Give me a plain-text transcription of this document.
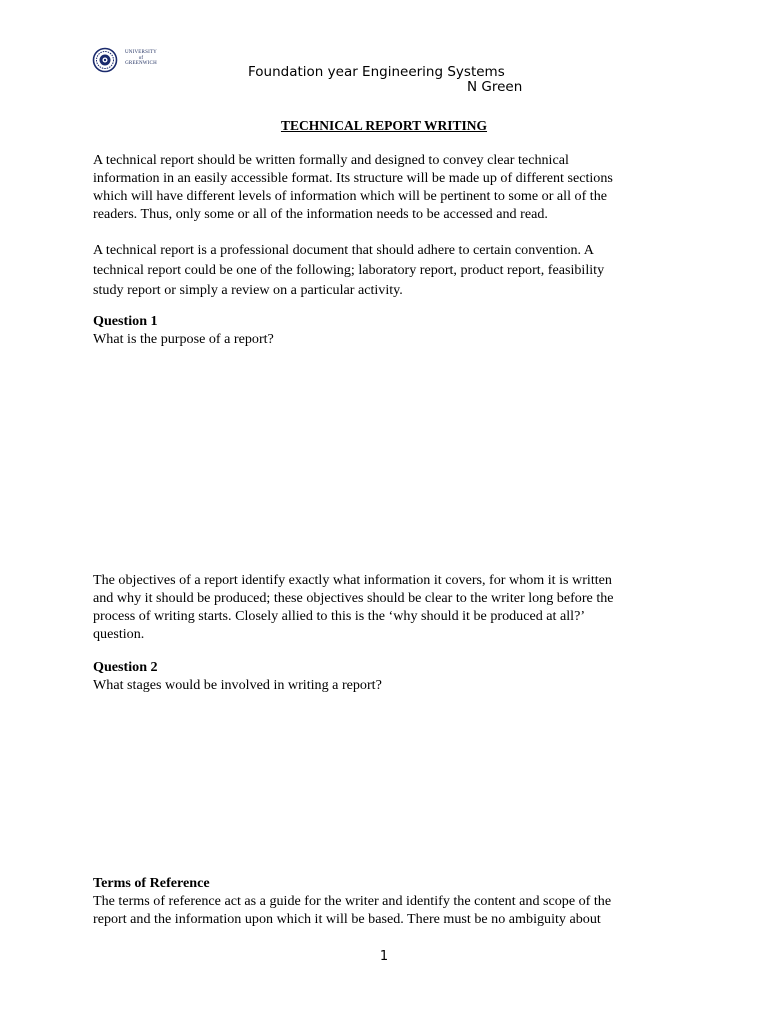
UNIVERSITY
of
GREENWICH
Foundation year Engineering Systems
N Green
TECHNICAL REPORT WRITING
A technical report should be written formally and designed to convey clear technical
information in an easily accessible format. Its structure will be made up of different sections
which will have different levels of information which will be pertinent to some or all of the
readers. Thus, only some or all of the information needs to be accessed and read.
A technical report is a professional document that should adhere to certain convention. A
technical report could be one of the following; laboratory report, product report, feasibility
study report or simply a review on a particular activity.
Question 1
What is the purpose of a report?
The objectives of a report identify exactly what information it covers, for whom it is written
and why it should be produced; these objectives should be clear to the writer long before the
process of writing starts. Closely allied to this is the ‘why should it be produced at all?’
question.
Question 2
What stages would be involved in writing a report?
Terms of Reference
The terms of reference act as a guide for the writer and identify the content and scope of the
report and the information upon which it will be based. There must be no ambiguity about
1
